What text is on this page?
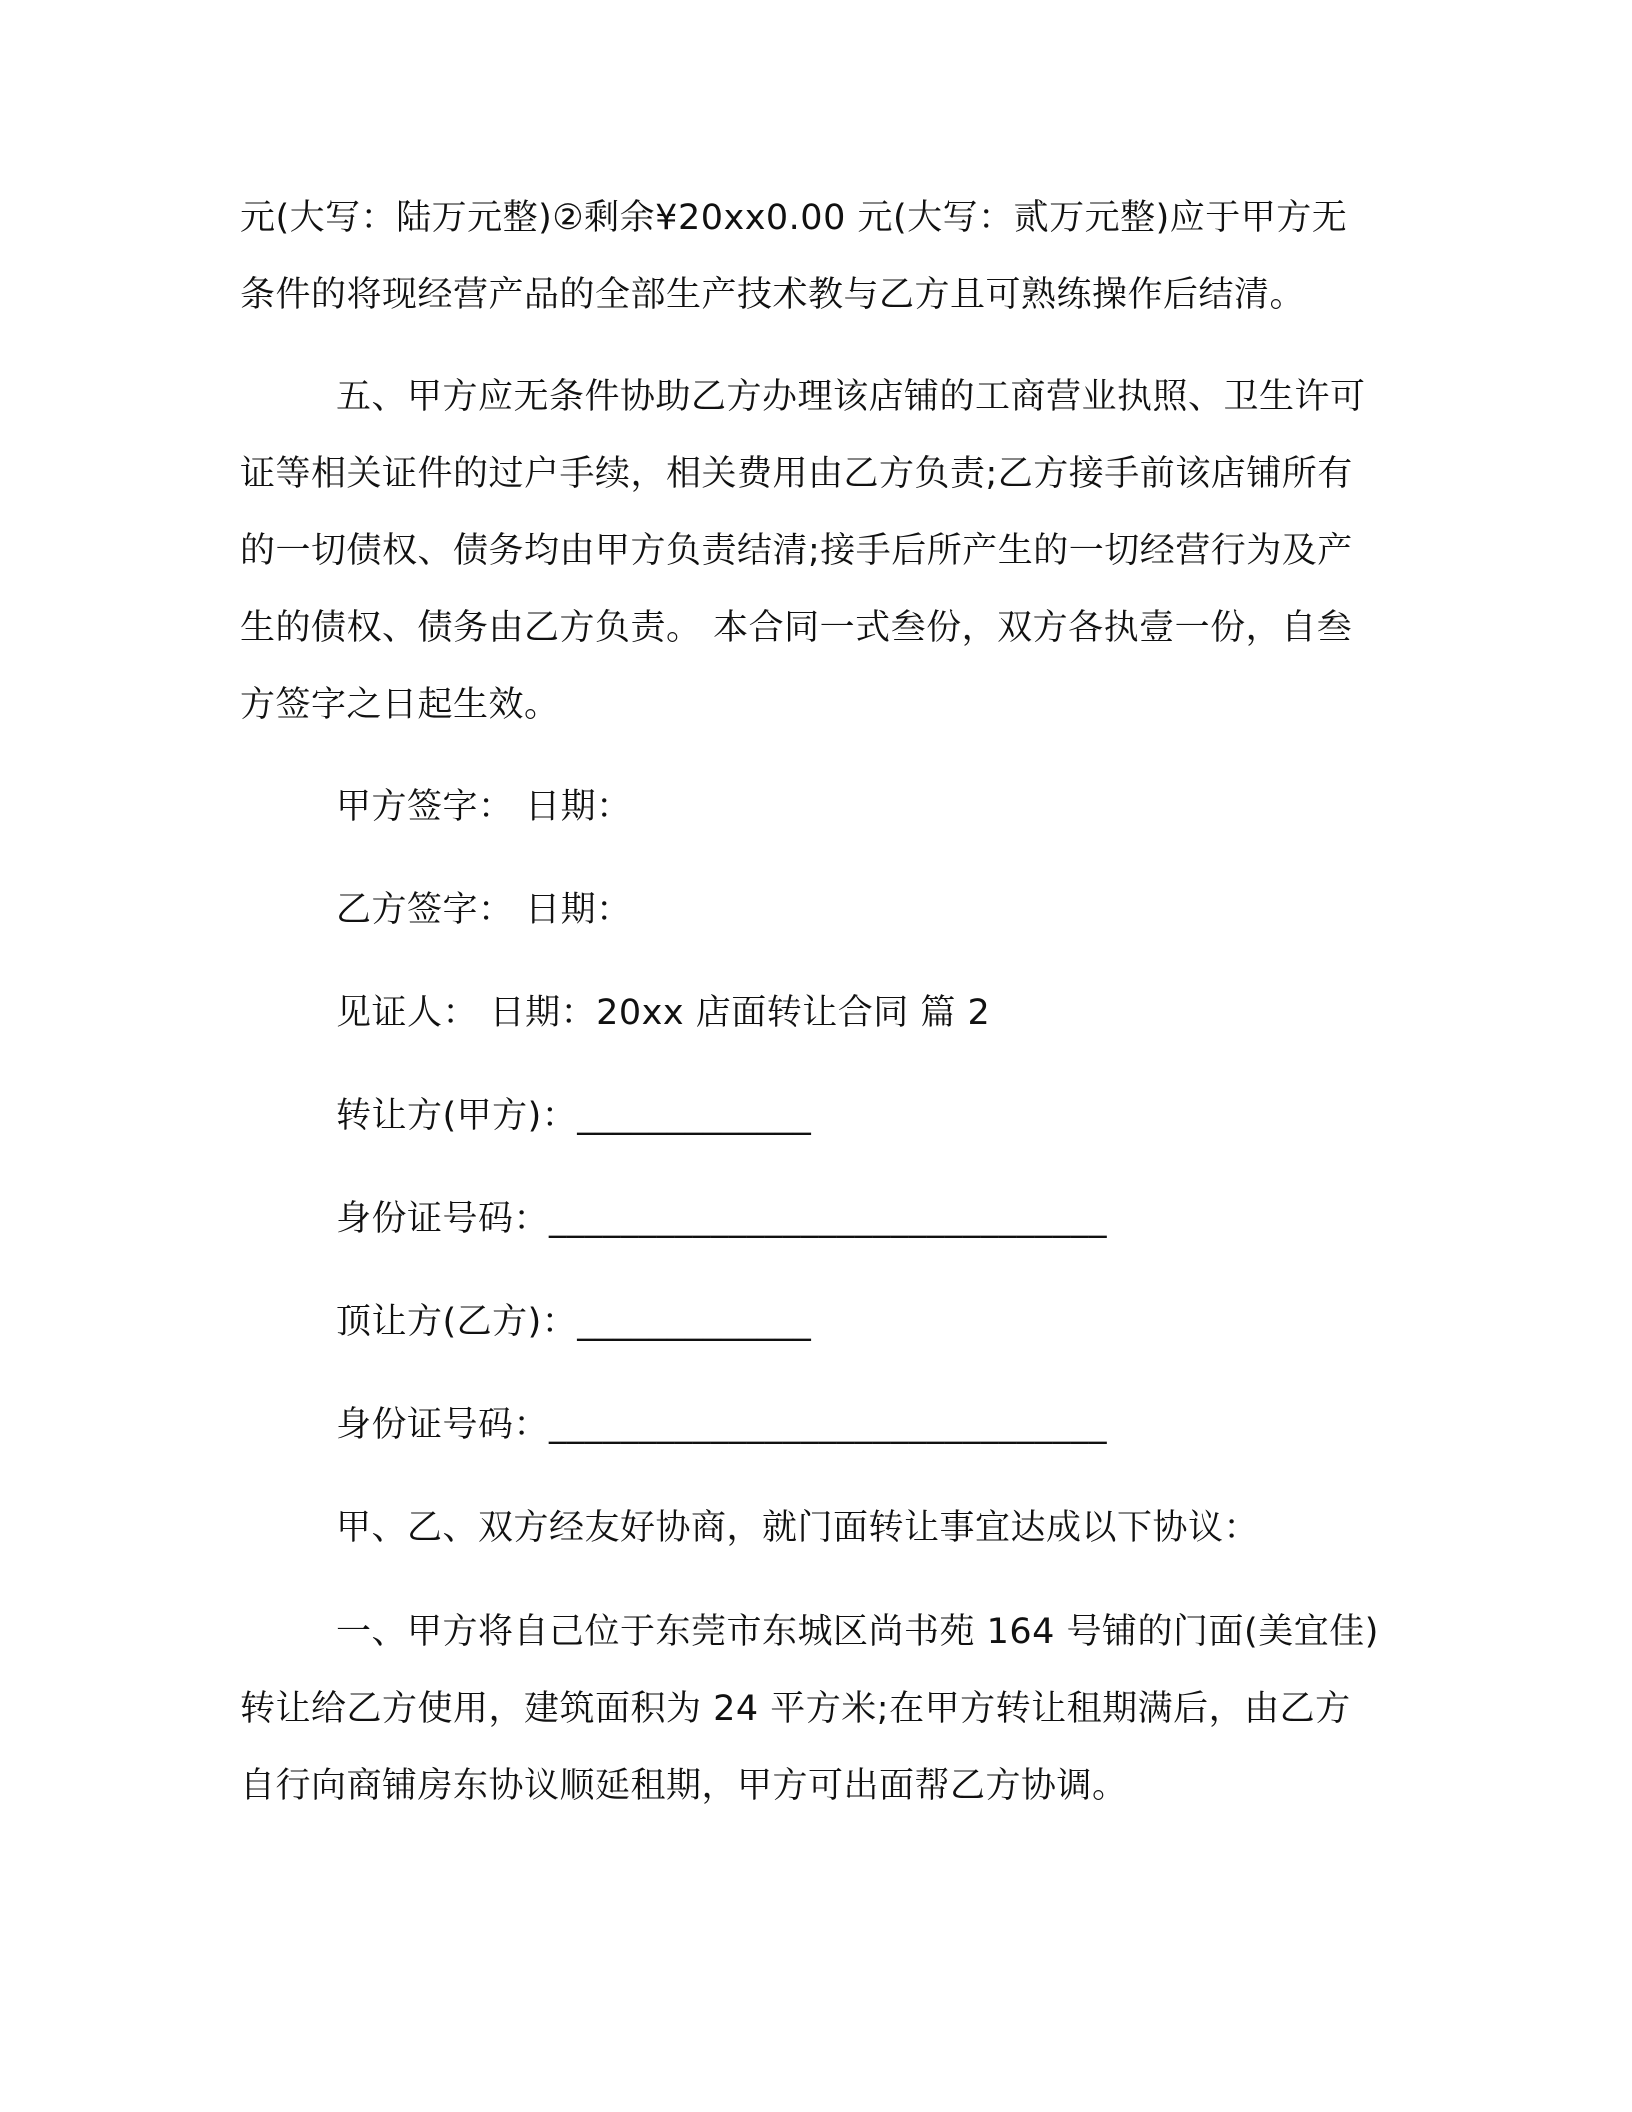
元(大写：陆万元整)②剩余¥20xx0.00 元(大写：贰万元整)应于甲方无条件的将现经营产品的全部生产技术教与乙方且可熟练操作后结清。

五、甲方应无条件协助乙方办理该店铺的工商营业执照、卫生许可证等相关证件的过户手续，相关费用由乙方负责;乙方接手前该店铺所有的一切债权、债务均由甲方负责结清;接手后所产生的一切经营行为及产生的债权、债务由乙方负责。 本合同一式叁份，双方各执壹一份，自叁方签字之日起生效。

甲方签字： 日期：

乙方签字： 日期：

见证人： 日期：20xx 店面转让合同 篇 2

转让方(甲方)：_____________

身份证号码：_______________________________

顶让方(乙方)：_____________

身份证号码：_______________________________

甲、乙、双方经友好协商，就门面转让事宜达成以下协议：

一、甲方将自己位于东莞市东城区尚书苑 164 号铺的门面(美宜佳)转让给乙方使用，建筑面积为 24 平方米;在甲方转让租期满后，由乙方自行向商铺房东协议顺延租期，甲方可出面帮乙方协调。
